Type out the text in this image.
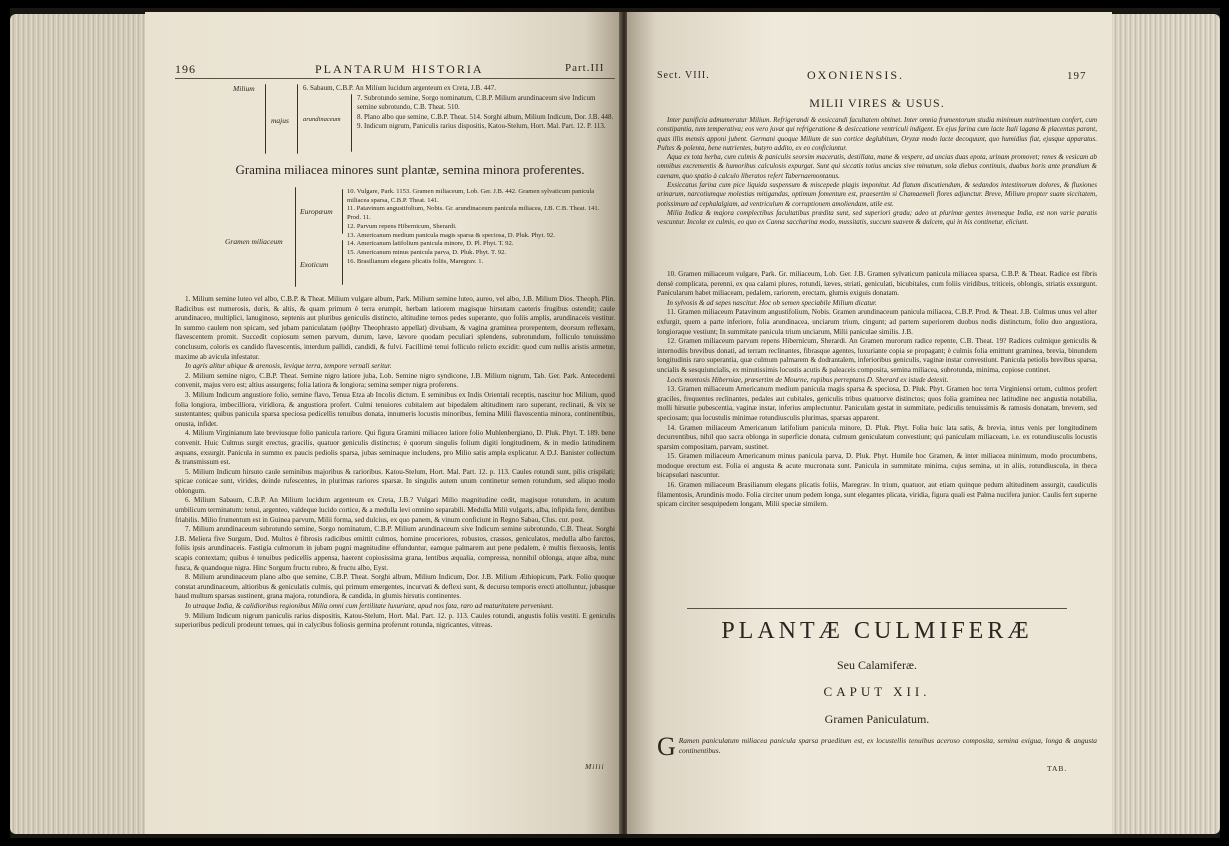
196	PLANTARUM HISTORIA	Part.III
Milium
majus arundinaceum
6. Sabaum, C.B.P. An Milium lucidum argenteum ex Creta, J.B. 447.
7. Subrotundo semine, Sorgo nominatum, C.B.P. Milium arundinaceum sive Indicum semine subrotundo, C.B. Theat. 510.
8. Plano albo que semine, C.B.P. Theat. 514. Sorghi album, Milium Indicum, Dor. J.B. 448.
9. Indicum nigrum, Paniculis rarius dispositis, Katou-Stelum, Hort. Mal. Part. 12. P. 113.
Gramina miliacea minores sunt plantæ, semina minora proferentes.
Gramen miliaceum
Europæum
Exoticum
10. Vulgare, Park. 1153. Gramen miliaceum, Lob. Ger. J.B. 442. Gramen sylvaticum panicula miliacea sparsa, C.B.P. Theat. 141.
11. Patavinum angustifolium, Nobis. Gr. arundinaceum panicula miliacea, J.B. C.B. Theat. 141. Prod. 11.
12. Parvum repens Hibernicum, Sherardi.
13. Americanum medium panicula magis sparsa & speciosa, D. Pluk. Phyt. 92.
14. Americanum latifolium panicula minore, D. Pl. Phyt. T. 92.
15. Americanum minus panicula parva, D. Pluk. Phyt. T. 92.
16. Brasilianum elegans plicatis foliis, Maregrav. 1.

1. Milium semine luteo vel albo, C.B.P. & Theat. Milium vulgare album, Park. Milium semine luteo, aureo, vel albo, J.B. Milium Dios. Theoph. Plin. Radicibus est numerosis, duris, & altis, & quam primum è terra erumpit, herbam latiorem magisque hirsutam caeteris frugibus ostendit; caule arundinaceo, multiplici, lanuginoso, septenis aut pluribus geniculis distincto, altitudine ternos pedes superante, quo foliis amplis, arundinaceis vestitur. In summo caulem non spicam, sed jubam paniculatam (φόβην Theophrasto appellat) divulsam, & vagina graminea prorepentem, deorsum reflexam, flavescentem promit. Succedit copiosum semen parvum, durum, læve, lævore quodam peculiari splendens, subrotundum, folliculo tenuissimo conclusum, coloris ex candido flavescentis, interdum pallidi, candidi, & fulvi. Facillimè tenui folliculo relicto excidit: quod cum nullis aristis armetur, maxime ab avicula infestatur.

In agris alitur ubique & arenosis, levique terra, tempore vernali seritur.

2. Milium semine nigro, C.B.P. Theat. Semine nigro latiore juba, Lob. Semine nigro syndicone, J.B. Milium nigrum, Tab. Ger. Park. Antecedenti convenit, majus vero est; altius assurgens; folia latiora & longiora; semina semper nigra proferens.

3. Milium Indicum angustiore folio, semine flavo, Tenua Etza ab Incolis dictum. E seminibus ex Indis Orientali receptis, nascitur hoc Milium, quod folia longiora, imbecilliora, viridiora, & angustiora profert. Culmi tenuiores cubitalem aut bipedalem altitudinem raro superant, reclinati, & vix se sustentantes; quibus panicula sparsa speciosa pedicellis tenuibus donata, innumeris locustis minoribus, femina Milii flavescentia minora, continentibus, onusta, infidet.

4. Milium Virginianum late breviusque folio panicula rariore. Qui figura Gramini miliaceo latiore folio Muhlenbergiano, D. Pluk. Phyt. T. 189. bene convenit. Huic Culmus surgit erectus, gracilis, quatuor geniculis distinctus; è quorum singulis folium digiti longitudinem, & in medio latitudinem æquans, exsurgit. Panicula in summo ex paucis pediolis sparsa, jubas seminaque includens, pro Milio satis ampla explicatur. A D.J. Banister collectum & transmissum est.

5. Milium Indicum hirsuto caule seminibus majoribus & rarioribus. Katou-Stelum, Hort. Mal. Part. 12. p. 113. Caules rotundi sunt, pilis crispilati; spicae conicae sunt, virides, deinde rufescentes, in plurimas rariores sparsæ. In singulis autem unum continetur semen rotundum, sed aliquo modo oblongum.

6. Milium Sabaum, C.B.P. An Milium lucidum argenteum ex Creta, J.B.? Vulgari Milio magnitudine cedit, magisque rotundum, in acutum umbilicum terminatum: tenui, argenteo, valdeque lucido cortice, & a medulla levi omnino separabili. Medulla Milii vulgaris, alba, infipida fere, dentibus friabilis. Milio frumentum est in Guinea parvum, Milii forma, sed dulcius, ex quo panem, & vinum conficiunt in Regno Sabau, Clus. cur. post.

7. Milium arundinaceum subrotundo semine, Sorgo nominatum, C.B.P. Milium arundinaceum sive Indicum semine subrotundo, C.B. Theat. Sorghi J.B. Meliera five Surgum, Dod. Multos è fibrosis radicibus emittit culmos, homine proceriores, robustos, crassos, geniculatos, medulla albo farctos, foliis ipsis arundinaceis. Fastigia culmorum in jubam pugni magnitudine effunduntur, eamque palmarem aut pene pedalem, è multis flexuosis, lentis scapis contextam; quibus è tenuibus pedicellis appensa, haerent copiosissima grana, lentibus æqualia, compressa, nonnihil oblonga, atque alba, nunc fusca, & quandoque nigra. Hinc Sorgum fructu rubro, & fructu albo, Eyst.

8. Milium arundinaceum plano albo que semine, C.B.P. Theat. Sorghi album, Milium Indicum, Dor. J.B. Milium Æthiopicum, Park. Folio quoque constat arundinaceum, altioribus & geniculatis culmis, qui primum emergentes, incurvati & deflexi sunt, & decursu temporis erecti attolluntur, jubasque haud multum sparsas sustinent, grana majora, rotundiora, & candida, in glumis hirsutis continentes.

In utraque India, & calidioribus regionibus Milia omni cum fertilitate luxuriant, apud nos fata, raro ad maturitatem perveniunt.

9. Milium Indicum nigrum paniculis rarius dispositis, Katou-Stelum, Hort. Mal. Part. 12. p. 113. Caules rotundi, angustis foliis vestiti. E geniculis superioribus pediculi prodeunt tenues, qui in calycibus foliosis germina proferunt rotunda, nigricantes, vitreas.

Milii
Sect. VIII.	OXONIENSIS.	197
MILII VIRES & USUS.

Inter panificia admumeratur Milium. Refrigerandi & exsiccandi facultatem obtinet. Inter omnia frumentorum studia minimum nutrimentum confert, cum constipantia, tum temperativa; eos vero juvat qui refrigeratione & desiccatione ventriculi indigent. Ex ejus farina cum lacte Itali lagana & placentas parant, quas illis mensis apponi jubent. Germani quoque Milium de suo cortice deglubitum, Oryzæ modo lacte decoquunt, quo humidius fiat, ejusque apparatus. Pultes & polenta, bene nutrientes, butyro addito, ex eo conficiuntur.

Aqua ex tota herba, cum culmis & paniculis seorsim maceratis, destillata, mane & vespere, ad uncias duas epota, urinam promovet; renes & vesicam ab omnibus excrementis & humoribus calculosis expurgat. Sunt qui siccatis totius uncias sive minutum, sola diebus continuis, duabus horis ante prandium & caenam, quo spatio à calculo liberatos refert Tabernaemontanus.

Exsiccatus farina cum pice liquida suspensum & miscepede plagis imponitur. Ad flatum discutiendum, & sedandos intestinorum dolores, & fluxiones urinarum, narcotiumque molestias mitigandas, optimum fomentum est, praesertim si Chamaemeli flores adjunctur. Breve, Milium propter suam siccitatem, potissimum ad cephalalgiam, ad ventriculum & corruptionem amoliendam, utile est.

Milia Indica & majora complectibus facultatibus prædita sunt, sed superiori gradu; adeo ut plurimæ gentes inveneque India, est non varie paratis vescuntur. Incolæ ex culmis, eo quo ex Canna saccharina modo, mussitatis, succum suavem & dulcem, qui in his continetur, eliciunt.

10. Gramen miliaceum vulgare, Park. Gr. miliaceum, Lob. Ger. J.B. Gramen sylvaticum panicula miliacea sparsa, C.B.P. & Theat. Radice est fibris densè complicata, perenni, ex qua calami plures, rotundi, læves, striati, geniculati, bicubitales, cum foliis viridibus, triticeis, oblongis, striatis exsurgunt. Panicularum habet miliaceam, pedalem, rariorem, erectam, glumis exiguis donatam.

In sylvosis & ad sepes nascitur. Hoc ob semen speciabile Milium dicatur.

11. Gramen miliaceum Patavinum angustifolium, Nobis. Gramen arundinaceum panicula miliacea, C.B.P. Prod. & Theat. J.B. Culmus unus vel alter exfurgit, quem a parte inferiore, folia arundinacea, unciarum trium, cingunt; ad partem superiorem duobus nodis distinctum, folio duo angustiora, longioraque vestiunt; In summitate panicula trium unciarum, Milii paniculae similis. J.B.

12. Gramen miliaceum parvum repens Hibernicum, Sherardi. An Gramen murorum radice repente, C.B. Theat. 19? Radices culmique geniculis & internodiis brevibus donati, ad terram reclinantes, fibrasque agentes, luxuriante copia se propagant; è culmis folia emittunt graminea, brevia, binundem longitudinis raro superantia, quæ culmum palmarem & dodrantalem, inferioribus geniculis, vaginæ instar convestiunt. Panicula petiolis brevibus sparsa, uncialis & sesquiuncialis, ex minutissimis locustis acutis & paleaceis composita, semina miliacea, subrotunda, minima, copiose continet.

Locis montosis Hiberniae, præsertim de Mourne, rupibus perreptans D. Sherard ex istude detexit.

13. Gramen miliaceum Americanum medium panicula magis sparsa & speciosa, D. Pluk. Phyt. Gramen hoc terra Virginiensi ortum, culmos profert graciles, frequentes reclinantes, pedales aut cubitales, geniculis tribus quatuorve distinctos; quos folia graminea nec latitudine nec angustia notabilia, molli hirsutie pubescentia, vaginæ instar, inferius amplectuntur. Paniculam gestat in summitate, pediculis tenuissimis & ramosis donatam, brevem, sed speciosam; qua locustulis minimae rotundiusculis plurimas, sparsas apparent.

14. Gramen miliaceum Americanum latifolium panicula minore, D. Pluk. Phyt. Folia huic lata satis, & brevia, intus venis per longitudinem decurrentibus, nihil quo sacra oblonga in superficie donata, culmum geniculatum convestiunt; qui paniculam miliaceam, i.e. ex rotundiusculis locustis sparsim compositam, parvam, sustinet.

15. Gramen miliaceum Americanum minus panicula parva, D. Pluk. Phyt. Humile hoc Gramen, & inter miliacea minimum, modo procumbens, modoque erectum est. Folia ei angusta & acute mucronata sunt. Panicula in summitate minima, cujus semina, ut in aliis, rotundiuscula, in theca bicapsulari nascuntur.

16. Gramen miliaceum Brasilianum elegans plicatis foliis, Maregrav. In trium, quatuor, aut etiam quinque pedum altitudinem assurgit, caudiculis filamentosis, Arundinis modo. Folia circiter unum pedem longa, sunt elegantes plicata, viridia, figura quali est Palma nucifera junior. Caulis fert superne spicam circiter sesquipedem longam, Milii speciæ similem.

PLANTÆ CULMIFERÆ
Seu Calamiferæ.
CAPUT XII.
Gramen Paniculatum.
G Ramen paniculatum miliacea panicula sparsa praeditum est, ex locustellis tenuibus aceroso composita, semina exigua, longa & angusta continentibus.
TAB.
